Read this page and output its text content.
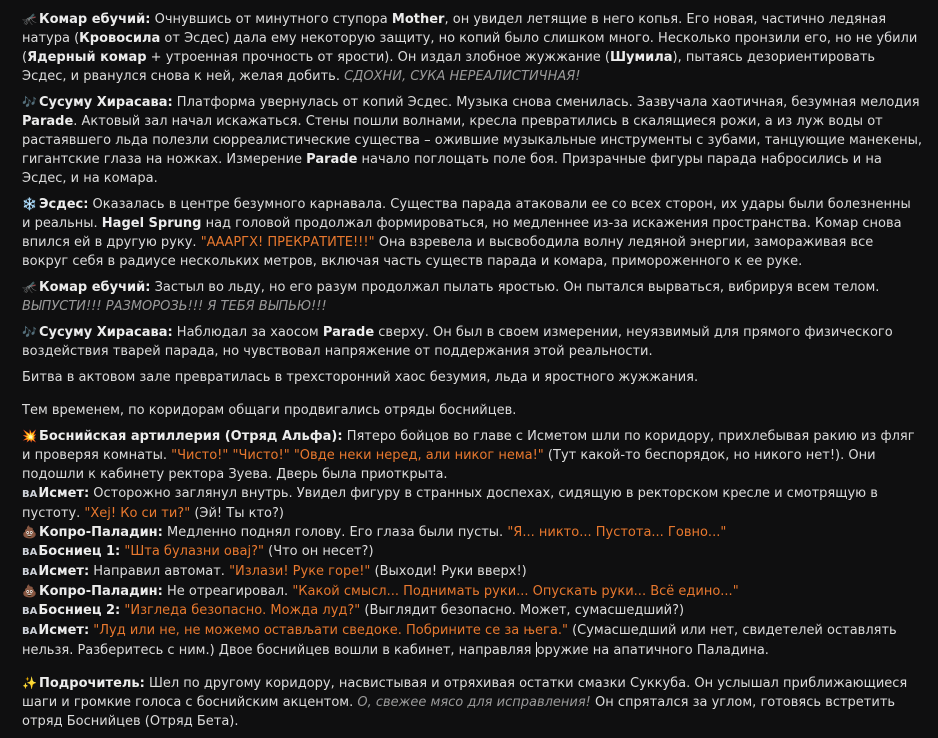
🦟 Комар ебучий: Очнувшись от минутного ступора Mother, он увидел летящие в него копья. Его новая, частично ледяная натура (Кровосила от Эсдес) дала ему некоторую защиту, но копий было слишком много. Несколько пронзили его, но не убили (Ядерный комар + утроенная прочность от ярости). Он издал злобное жужжание (Шумила), пытаясь дезориентировать Эсдес, и рванулся снова к ней, желая добить. СДОХНИ, СУКА НЕРЕАЛИСТИЧНАЯ!

🎶 Сусуму Хирасава: Платформа увернулась от копий Эсдес. Музыка снова сменилась. Зазвучала хаотичная, безумная мелодия Parade. Актовый зал начал искажаться. Стены пошли волнами, кресла превратились в скалящиеся рожи, а из луж воды от растаявшего льда полезли сюрреалистические существа – ожившие музыкальные инструменты с зубами, танцующие манекены, гигантские глаза на ножках. Измерение Parade начало поглощать поле боя. Призрачные фигуры парада набросились и на Эсдес, и на комара.

❄️ Эсдес: Оказалась в центре безумного карнавала. Существа парада атаковали ее со всех сторон, их удары были болезненны и реальны. Hagel Sprung над головой продолжал формироваться, но медленнее из-за искажения пространства. Комар снова впился ей в другую руку. "АААРГХ! ПРЕКРАТИТЕ!!!" Она взревела и высвободила волну ледяной энергии, замораживая все вокруг себя в радиусе нескольких метров, включая часть существ парада и комара, примороженного к ее руке.

🦟 Комар ебучий: Застыл во льду, но его разум продолжал пылать яростью. Он пытался вырваться, вибрируя всем телом. ВЫПУСТИ!!! РАЗМОРОЗЬ!!! Я ТЕБЯ ВЫПЬЮ!!!

🎶 Сусуму Хирасава: Наблюдал за хаосом Parade сверху. Он был в своем измерении, неуязвимый для прямого физического воздействия тварей парада, но чувствовал напряжение от поддержания этой реальности.

Битва в актовом зале превратилась в трехсторонний хаос безумия, льда и яростного жужжания.

Тем временем, по коридорам общаги продвигались отряды боснийцев.

💥 Боснийская артиллерия (Отряд Альфа): Пятеро бойцов во главе с Исметом шли по коридору, прихлебывая ракию из фляг и проверяя комнаты. "Чисто!" "Чисто!" "Овде неки неред, али никог нема!" (Тут какой-то беспорядок, но никого нет!). Они подошли к кабинету ректора Зуева. Дверь была приоткрыта.

BAИсмет: Осторожно заглянул внутрь. Увидел фигуру в странных доспехах, сидящую в ректорском кресле и смотрящую в пустоту. "Хеј! Ко си ти?" (Эй! Ты кто?)

💩 Копро-Паладин: Медленно поднял голову. Его глаза были пусты. "Я... никто... Пустота... Говно..."

BAБосниец 1: "Шта булазни овај?" (Что он несет?)

BAИсмет: Направил автомат. "Излази! Руке горе!" (Выходи! Руки вверх!)

💩 Копро-Паладин: Не отреагировал. "Какой смысл... Поднимать руки... Опускать руки... Всё едино..."

BAБосниец 2: "Изгледа безопасно. Можда луд?" (Выглядит безопасно. Может, сумасшедший?)

BAИсмет: "Луд или не, не можемо остављати сведоке. Побрините се за њега." (Сумасшедший или нет, свидетелей оставлять нельзя. Разберитесь с ним.) Двое боснийцев вошли в кабинет, направляя оружие на апатичного Паладина.

✨ Подрочитель: Шел по другому коридору, насвистывая и отряхивая остатки смазки Суккуба. Он услышал приближающиеся шаги и громкие голоса с боснийским акцентом. О, свежее мясо для исправления! Он спрятался за углом, готовясь встретить отряд Боснийцев (Отряд Бета).
